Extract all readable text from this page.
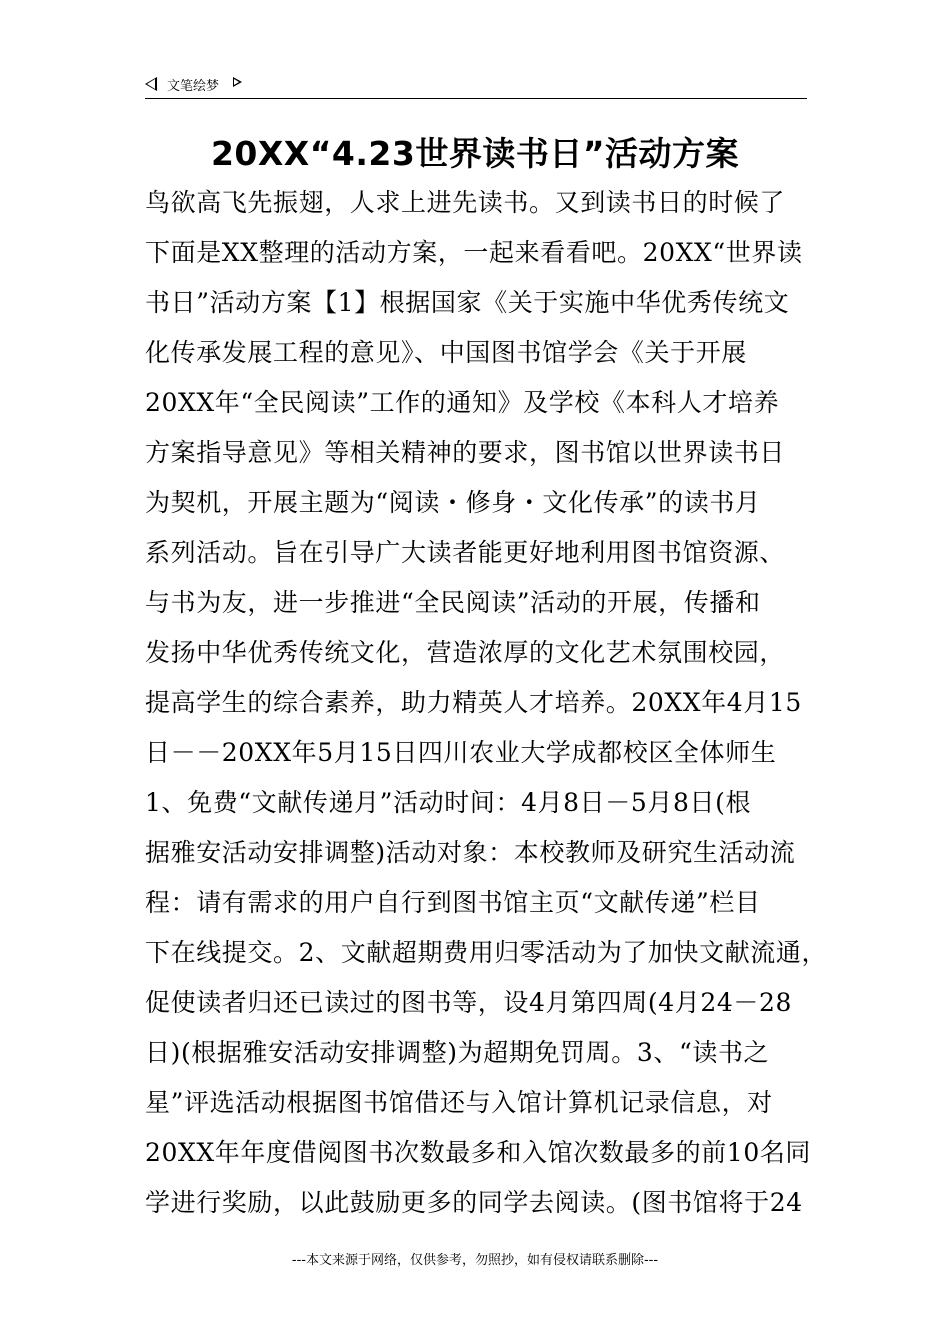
文笔绘梦
20XX“4.23世界读书日”活动方案
鸟欲高飞先振翅，人求上进先读书。又到读书日的时候了
下面是XX整理的活动方案，一起来看看吧。20XX“世界读
书日”活动方案【1】根据国家《关于实施中华优秀传统文
化传承发展工程的意见》、中国图书馆学会《关于开展
20XX年“全民阅读”工作的通知》及学校《本科人才培养
方案指导意见》等相关精神的要求，图书馆以世界读书日
为契机，开展主题为“阅读・修身・文化传承”的读书月
系列活动。旨在引导广大读者能更好地利用图书馆资源、
与书为友，进一步推进“全民阅读”活动的开展，传播和
发扬中华优秀传统文化，营造浓厚的文化艺术氛围校园，
提高学生的综合素养，助力精英人才培养。20XX年4月15
日－－20XX年5月15日四川农业大学成都校区全体师生
1、免费“文献传递月”活动时间：4月8日－5月8日(根
据雅安活动安排调整)活动对象：本校教师及研究生活动流
程：请有需求的用户自行到图书馆主页“文献传递”栏目
下在线提交。2、文献超期费用归零活动为了加快文献流通，
促使读者归还已读过的图书等，设4月第四周(4月24－28
日)(根据雅安活动安排调整)为超期免罚周。3、“读书之
星”评选活动根据图书馆借还与入馆计算机记录信息，对
20XX年年度借阅图书次数最多和入馆次数最多的前10名同
学进行奖励，以此鼓励更多的同学去阅读。(图书馆将于24
---本文来源于网络，仅供参考，勿照抄，如有侵权请联系删除---
